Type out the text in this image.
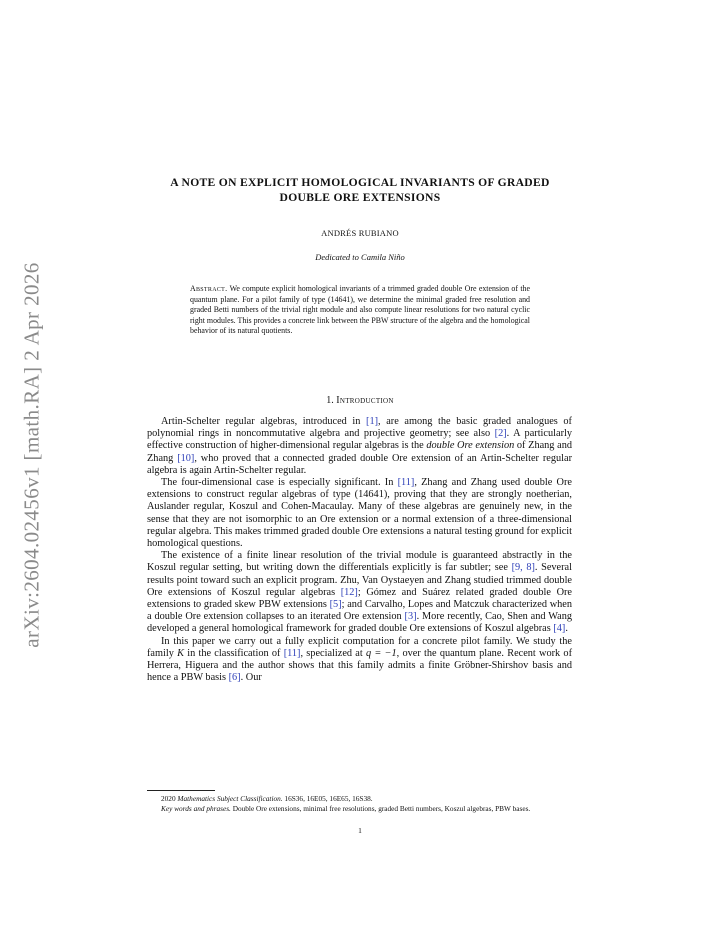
arXiv:2604.02456v1 [math.RA] 2 Apr 2026
A NOTE ON EXPLICIT HOMOLOGICAL INVARIANTS OF GRADED DOUBLE ORE EXTENSIONS
ANDRÉS RUBIANO
Dedicated to Camila Niño
Abstract. We compute explicit homological invariants of a trimmed graded double Ore extension of the quantum plane. For a pilot family of type (14641), we determine the minimal graded free resolution and graded Betti numbers of the trivial right module and also compute linear resolutions for two natural cyclic right modules. This provides a concrete link between the PBW structure of the algebra and the homological behavior of its natural quotients.
1. Introduction

Artin-Schelter regular algebras, introduced in [1], are among the basic graded analogues of polynomial rings in noncommutative algebra and projective geometry; see also [2]. A particularly effective construction of higher-dimensional regular algebras is the double Ore extension of Zhang and Zhang [10], who proved that a connected graded double Ore extension of an Artin-Schelter regular algebra is again Artin-Schelter regular.

The four-dimensional case is especially significant. In [11], Zhang and Zhang used double Ore extensions to construct regular algebras of type (14641), proving that they are strongly noetherian, Auslander regular, Koszul and Cohen-Macaulay. Many of these algebras are genuinely new, in the sense that they are not isomorphic to an Ore extension or a normal extension of a three-dimensional regular algebra. This makes trimmed graded double Ore extensions a natural testing ground for explicit homological questions.

The existence of a finite linear resolution of the trivial module is guaranteed abstractly in the Koszul regular setting, but writing down the differentials explicitly is far subtler; see [9, 8]. Several results point toward such an explicit program. Zhu, Van Oystaeyen and Zhang studied trimmed double Ore extensions of Koszul regular algebras [12]; Gómez and Suárez related graded double Ore extensions to graded skew PBW extensions [5]; and Carvalho, Lopes and Matczuk characterized when a double Ore extension collapses to an iterated Ore extension [3]. More recently, Cao, Shen and Wang developed a general homological framework for graded double Ore extensions of Koszul algebras [4].

In this paper we carry out a fully explicit computation for a concrete pilot family. We study the family K in the classification of [11], specialized at q = −1, over the quantum plane. Recent work of Herrera, Higuera and the author shows that this family admits a finite Gröbner-Shirshov basis and hence a PBW basis [6]. Our

2020 Mathematics Subject Classification. 16S36, 16E05, 16E65, 16S38.

Key words and phrases. Double Ore extensions, minimal free resolutions, graded Betti numbers, Koszul algebras, PBW bases.

1
